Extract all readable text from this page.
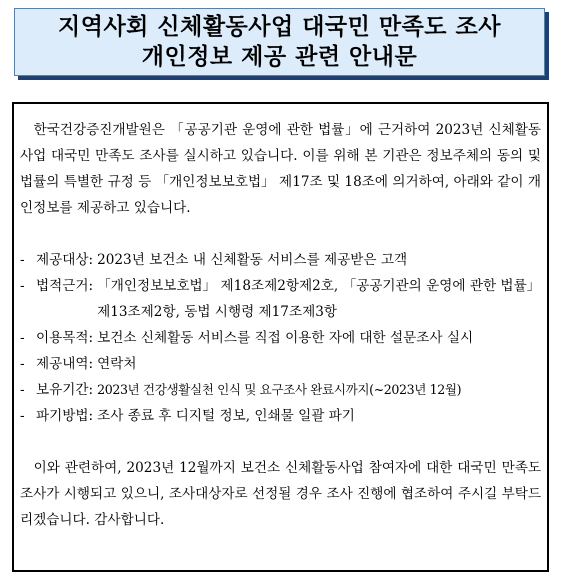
지역사회 신체활동사업 대국민 만족도 조사
개인정보 제공 관련 안내문

한국건강증진개발원은 「공공기관 운영에 관한 법률」에 근거하여 2023년 신체활동사업 대국민 만족도 조사를 실시하고 있습니다. 이를 위해 본 기관은 정보주체의 동의 및 법률의 특별한 규정 등 「개인정보보호법」 제17조 및 18조에 의거하여, 아래와 같이 개인정보를 제공하고 있습니다.

- 제공대상: 2023년 보건소 내 신체활동 서비스를 제공받은 고객
- 법적근거: 「개인정보보호법」 제18조제2항제2호, 「공공기관의 운영에 관한 법률」 제13조제2항, 동법 시행령 제17조제3항
- 이용목적: 보건소 신체활동 서비스를 직접 이용한 자에 대한 설문조사 실시
- 제공내역: 연락처
- 보유기간: 2023년 건강생활실천 인식 및 요구조사 완료시까지(~2023년 12월)
- 파기방법: 조사 종료 후 디지털 정보, 인쇄물 일괄 파기

이와 관련하여, 2023년 12월까지 보건소 신체활동사업 참여자에 대한 대국민 만족도 조사가 시행되고 있으니, 조사대상자로 선정될 경우 조사 진행에 협조하여 주시길 부탁드리겠습니다. 감사합니다.
